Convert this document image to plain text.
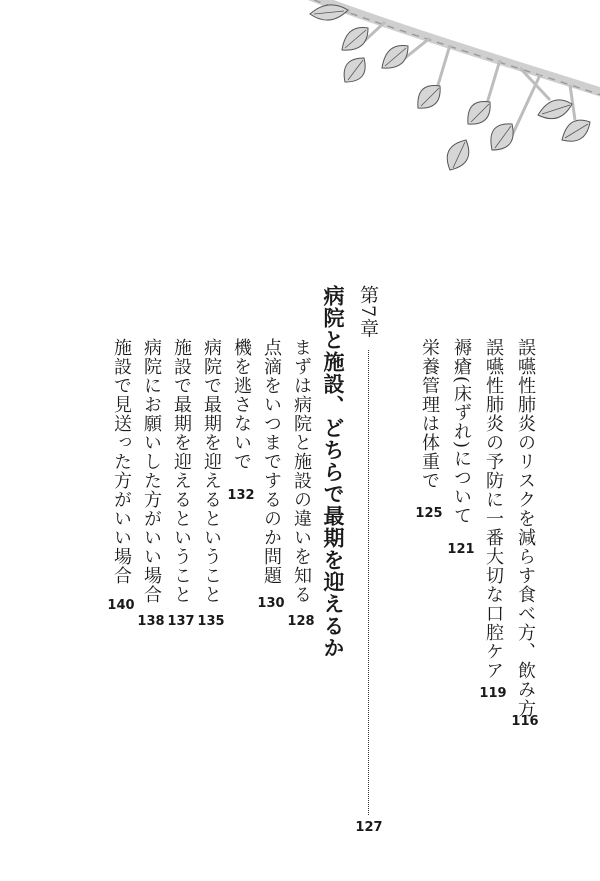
誤嚥性肺炎のリスクを減らす食べ方、飲み方
116
誤嚥性肺炎の予防に一番大切な口腔ケア
119
褥瘡(床ずれ)について
121
栄養管理は体重で
125
第7章
病院と施設、どちらで最期を迎えるか
127
まずは病院と施設の違いを知る
128
点滴をいつまでするのか問題
130
機を逃さないで
132
病院で最期を迎えるということ
135
施設で最期を迎えるということ
137
病院にお願いした方がいい場合
138
施設で見送った方がいい場合
140
